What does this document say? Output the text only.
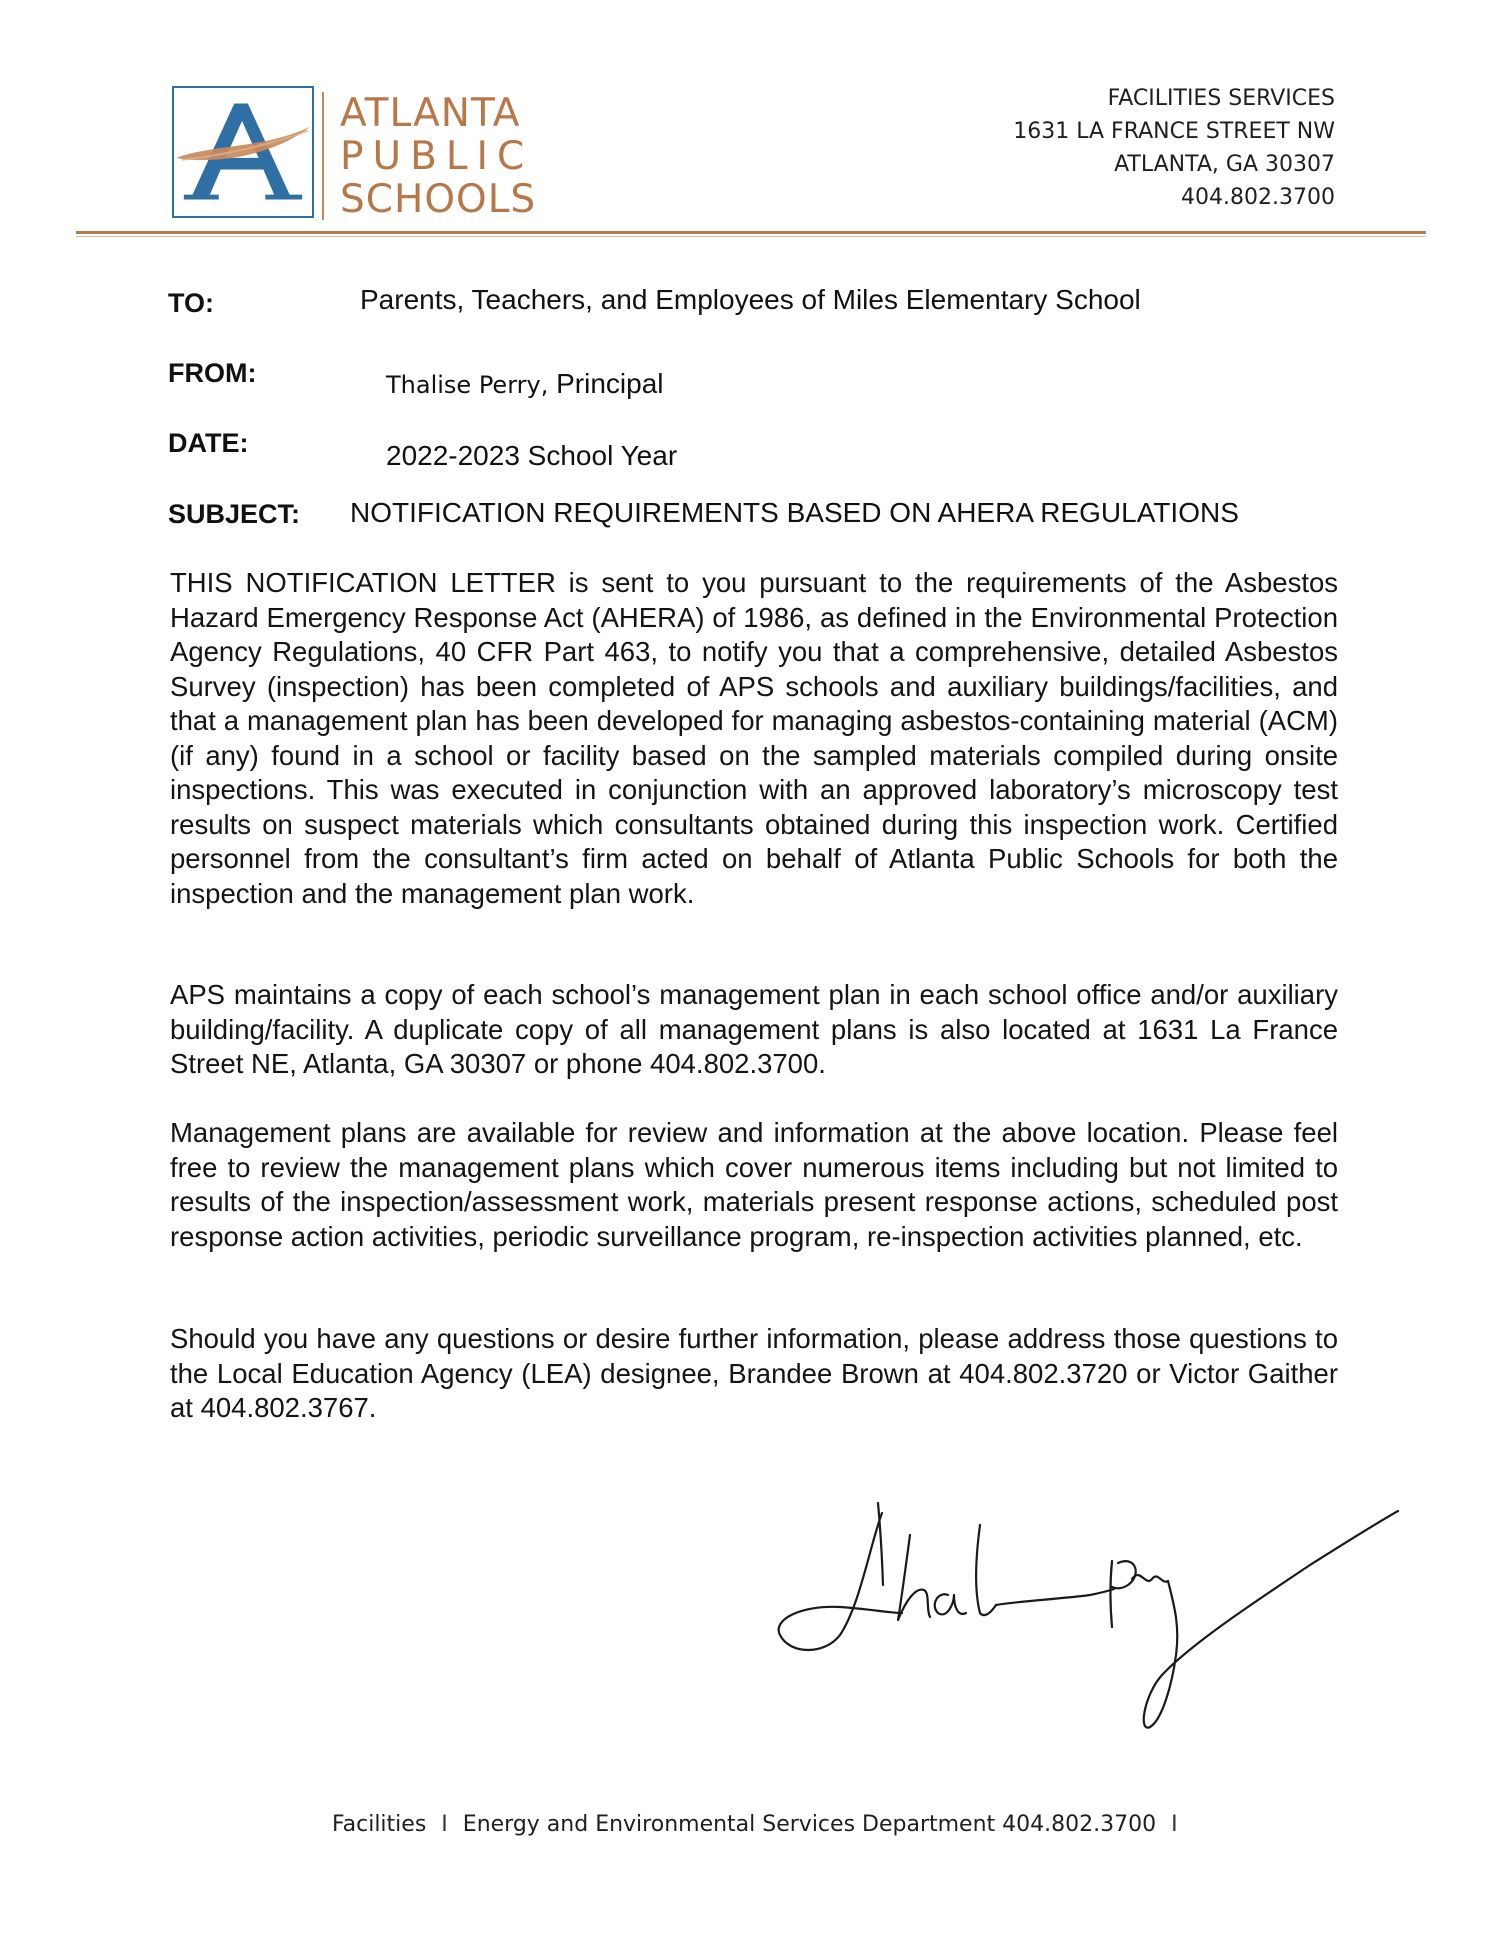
ATLANTA
PUBLIC
SCHOOLS
FACILITIES SERVICES
1631 LA FRANCE STREET NW
ATLANTA, GA 30307
404.802.3700
TO:	Parents, Teachers, and Employees of Miles Elementary School
FROM:	Thalise Perry, Principal
DATE:	2022-2023 School Year
SUBJECT: NOTIFICATION REQUIREMENTS BASED ON AHERA REGULATIONS

THIS NOTIFICATION LETTER is sent to you pursuant to the requirements of the Asbestos Hazard Emergency Response Act (AHERA) of 1986, as defined in the Environmental Protection Agency Regulations, 40 CFR Part 463, to notify you that a comprehensive, detailed Asbestos Survey (inspection) has been completed of APS schools and auxiliary buildings/facilities, and that a management plan has been developed for managing asbestos-containing material (ACM) (if any) found in a school or facility based on the sampled materials compiled during onsite inspections. This was executed in conjunction with an approved laboratory’s microscopy test results on suspect materials which consultants obtained during this inspection work. Certified personnel from the consultant’s firm acted on behalf of Atlanta Public Schools for both the inspection and the management plan work.

APS maintains a copy of each school’s management plan in each school office and/or auxiliary building/facility. A duplicate copy of all management plans is also located at 1631 La France Street NE, Atlanta, GA 30307 or phone 404.802.3700.

Management plans are available for review and information at the above location. Please feel free to review the management plans which cover numerous items including but not limited to results of the inspection/assessment work, materials present response actions, scheduled post response action activities, periodic surveillance program, re-inspection activities planned, etc.

Should you have any questions or desire further information, please address those questions to the Local Education Agency (LEA) designee, Brandee Brown at 404.802.3720 or Victor Gaither at 404.802.3767.

Facilities I Energy and Environmental Services Department 404.802.3700 I
